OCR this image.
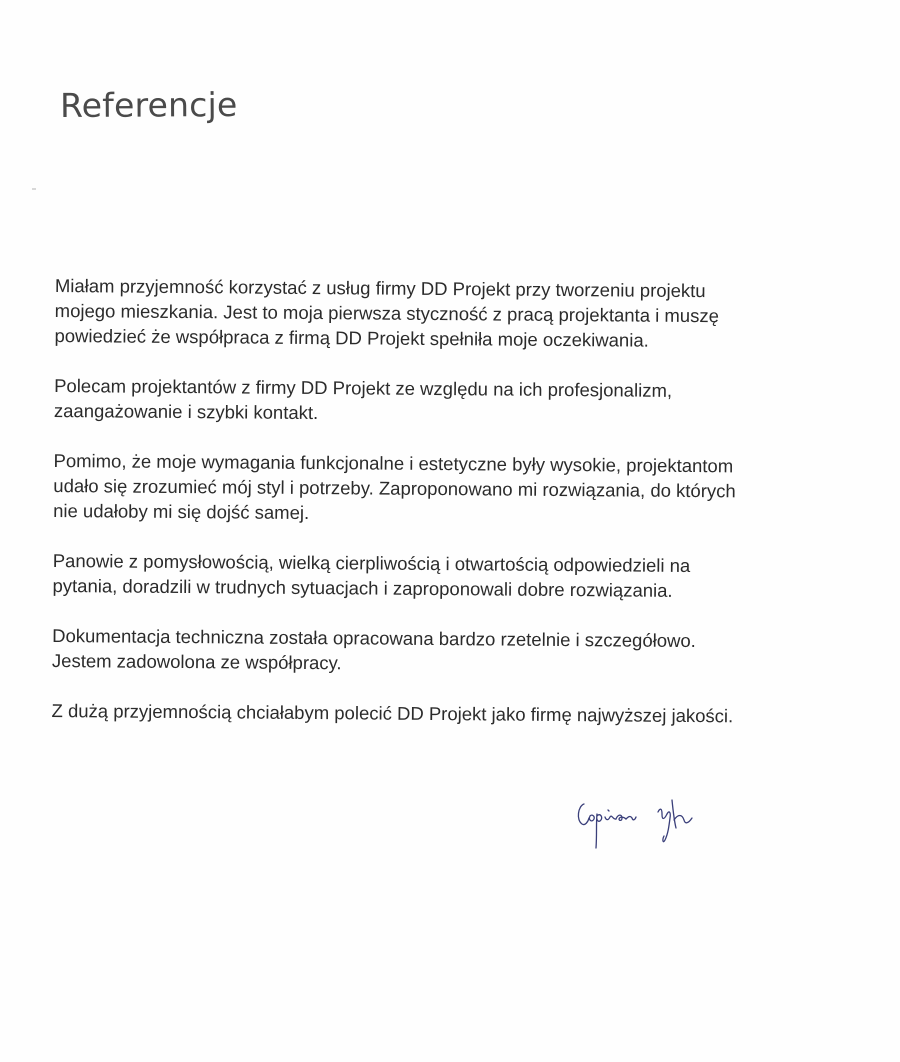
Referencje

Miałam przyjemność korzystać z usług firmy DD Projekt przy tworzeniu projektu
mojego mieszkania. Jest to moja pierwsza styczność z pracą projektanta i muszę
powiedzieć że współpraca z firmą DD Projekt spełniła moje oczekiwania.

Polecam projektantów z firmy DD Projekt ze względu na ich profesjonalizm,
zaangażowanie i szybki kontakt.

Pomimo, że moje wymagania funkcjonalne i estetyczne były wysokie, projektantom
udało się zrozumieć mój styl i potrzeby. Zaproponowano mi rozwiązania, do których
nie udałoby mi się dojść samej.

Panowie z pomysłowością, wielką cierpliwością i otwartością odpowiedzieli na
pytania, doradzili w trudnych sytuacjach i zaproponowali dobre rozwiązania.

Dokumentacja techniczna została opracowana bardzo rzetelnie i szczegółowo.
Jestem zadowolona ze współpracy.

Z dużą przyjemnością chciałabym polecić DD Projekt jako firmę najwyższej jakości.
